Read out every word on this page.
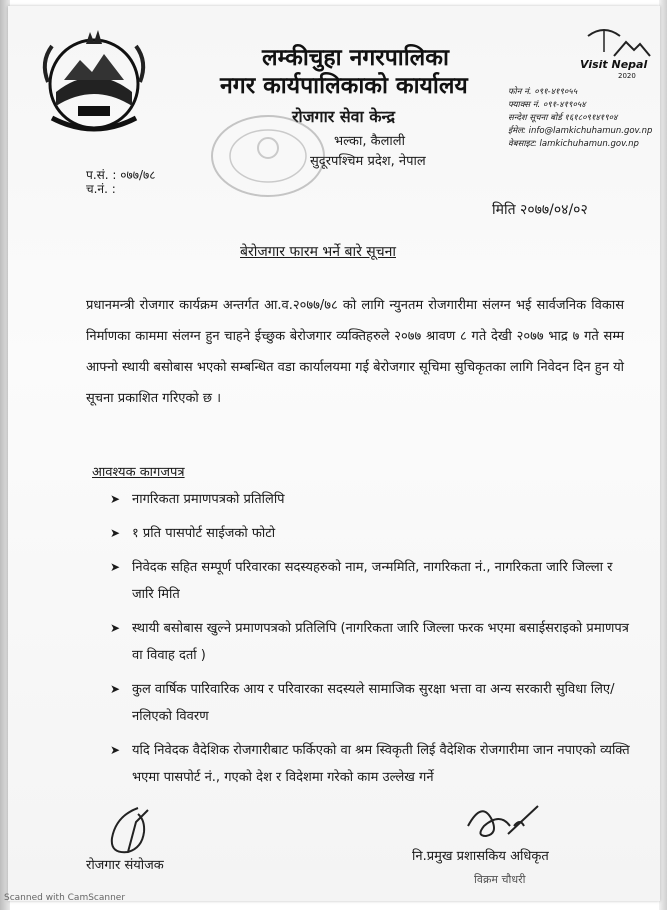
लम्कीचुहा नगरपालिका
नगर कार्यपालिकाको कार्यालय
रोजगार सेवा केन्द्र
भल्का, कैलाली
सुदूरपश्चिम प्रदेश, नेपाल
Visit Nepal
2020
फोन नं. ०९१-४१९०५५
फ्याक्स नं. ०९१-४१९०५४
सन्देश सूचना बोर्ड १६१८०९१४१९०४
ईमेल: info@lamkichuhamun.gov.np
वेबसाइट: lamkichuhamun.gov.np
प.सं. : ०७७/७८
च.नं. :
मिति २०७७/०४/०२
बेरोजगार फारम भर्ने बारे सूचना
प्रधानमन्त्री रोजगार कार्यक्रम अन्तर्गत आ.व.२०७७/७८ को लागि न्युनतम रोजगारीमा संलग्न भई सार्वजनिक विकास निर्माणका काममा संलग्न हुन चाहने ईच्छुक बेरोजगार व्यक्तिहरुले २०७७ श्रावण ८ गते देखी २०७७ भाद्र ७ गते सम्म आफ्नो स्थायी बसोबास भएको सम्बन्धित वडा कार्यालयमा गई बेरोजगार सूचिमा सुचिकृतका लागि निवेदन दिन हुन यो सूचना प्रकाशित गरिएको छ ।
आवश्यक कागजपत्र
➤ नागरिकता प्रमाणपत्रको प्रतिलिपि
➤ १ प्रति पासपोर्ट साईजको फोटो
➤ निवेदक सहित सम्पूर्ण परिवारका सदस्यहरुको नाम, जन्ममिति, नागरिकता नं., नागरिकता जारि जिल्ला र जारि मिति
➤ स्थायी बसोबास खुल्ने प्रमाणपत्रको प्रतिलिपि (नागरिकता जारि जिल्ला फरक भएमा बसाईसराइको प्रमाणपत्र वा विवाह दर्ता )
➤ कुल वार्षिक पारिवारिक आय र परिवारका सदस्यले सामाजिक सुरक्षा भत्ता वा अन्य सरकारी सुविधा लिए/नलिएको विवरण
➤ यदि निवेदक वैदेशिक रोजगारीबाट फर्किएको वा श्रम स्विकृती लिई वैदेशिक रोजगारीमा जान नपाएको व्यक्ति भएमा पासपोर्ट नं., गएको देश र विदेशमा गरेको काम उल्लेख गर्ने
रोजगार संयोजक
नि.प्रमुख प्रशासकिय अधिकृत
विक्रम चौधरी
Scanned with CamScanner
